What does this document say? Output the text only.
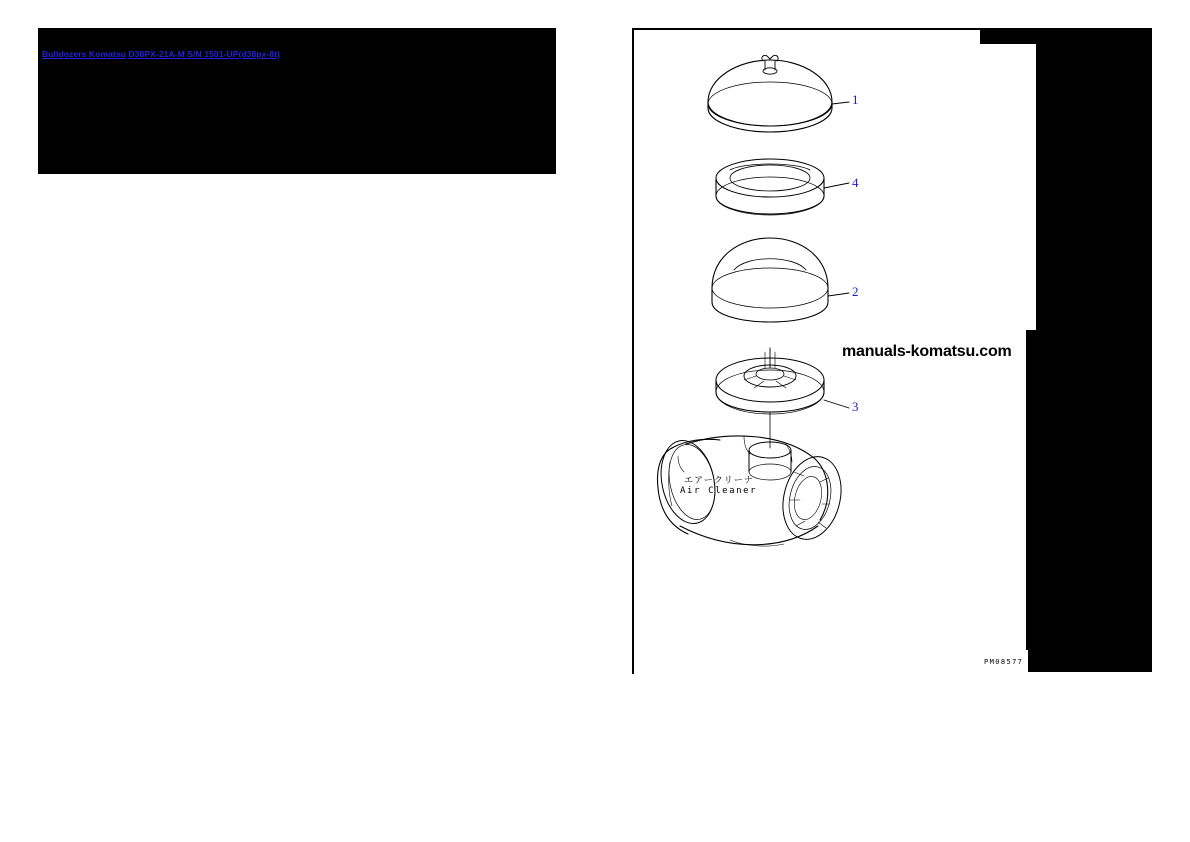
Bulldozers Komatsu D38PX-21A-M S/N 1501-UP(d38px-8t)
1
4
2
3
manuals-komatsu.com
エアークリーナ
Air Cleaner
PM08577
